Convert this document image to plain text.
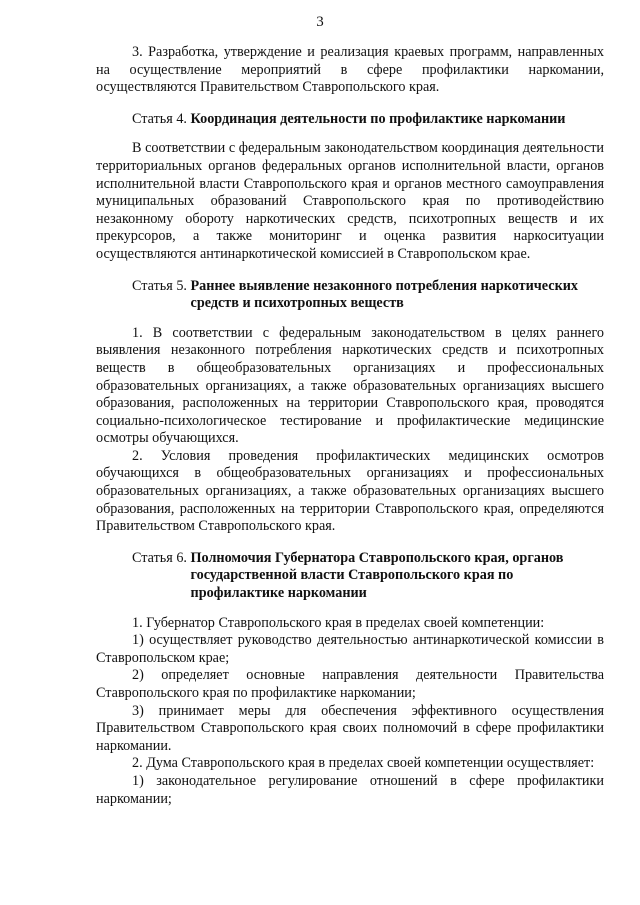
3

3. Разработка, утверждение и реализация краевых программ, направленных на осуществление мероприятий в сфере профилактики наркомании, осуществляются Правительством Ставропольского края.

Статья 4. Координация деятельности по профилактике наркомании

В соответствии с федеральным законодательством координация деятельности территориальных органов федеральных органов исполнительной власти, органов исполнительной власти Ставропольского края и органов местного самоуправления муниципальных образований Ставропольского края по противодействию незаконному обороту наркотических средств, психотропных веществ и их прекурсоров, а также мониторинг и оценка развития наркоситуации осуществляются антинаркотической комиссией в Ставропольском крае.

Статья 5. Раннее выявление незаконного потребления наркотических средств и психотропных веществ

1. В соответствии с федеральным законодательством в целях раннего выявления незаконного потребления наркотических средств и психотропных веществ в общеобразовательных организациях и профессиональных образовательных организациях, а также образовательных организациях высшего образования, расположенных на территории Ставропольского края, проводятся социально-психологическое тестирование и профилактические медицинские осмотры обучающихся.

2. Условия проведения профилактических медицинских осмотров обучающихся в общеобразовательных организациях и профессиональных образовательных организациях, а также образовательных организациях высшего образования, расположенных на территории Ставропольского края, определяются Правительством Ставропольского края.

Статья 6. Полномочия Губернатора Ставропольского края, органов государственной власти Ставропольского края по профилактике наркомании

1. Губернатор Ставропольского края в пределах своей компетенции:

1) осуществляет руководство деятельностью антинаркотической комиссии в Ставропольском крае;

2) определяет основные направления деятельности Правительства Ставропольского края по профилактике наркомании;

3) принимает меры для обеспечения эффективного осуществления Правительством Ставропольского края своих полномочий в сфере профилактики наркомании.

2. Дума Ставропольского края в пределах своей компетенции осуществляет:

1) законодательное регулирование отношений в сфере профилактики наркомании;
